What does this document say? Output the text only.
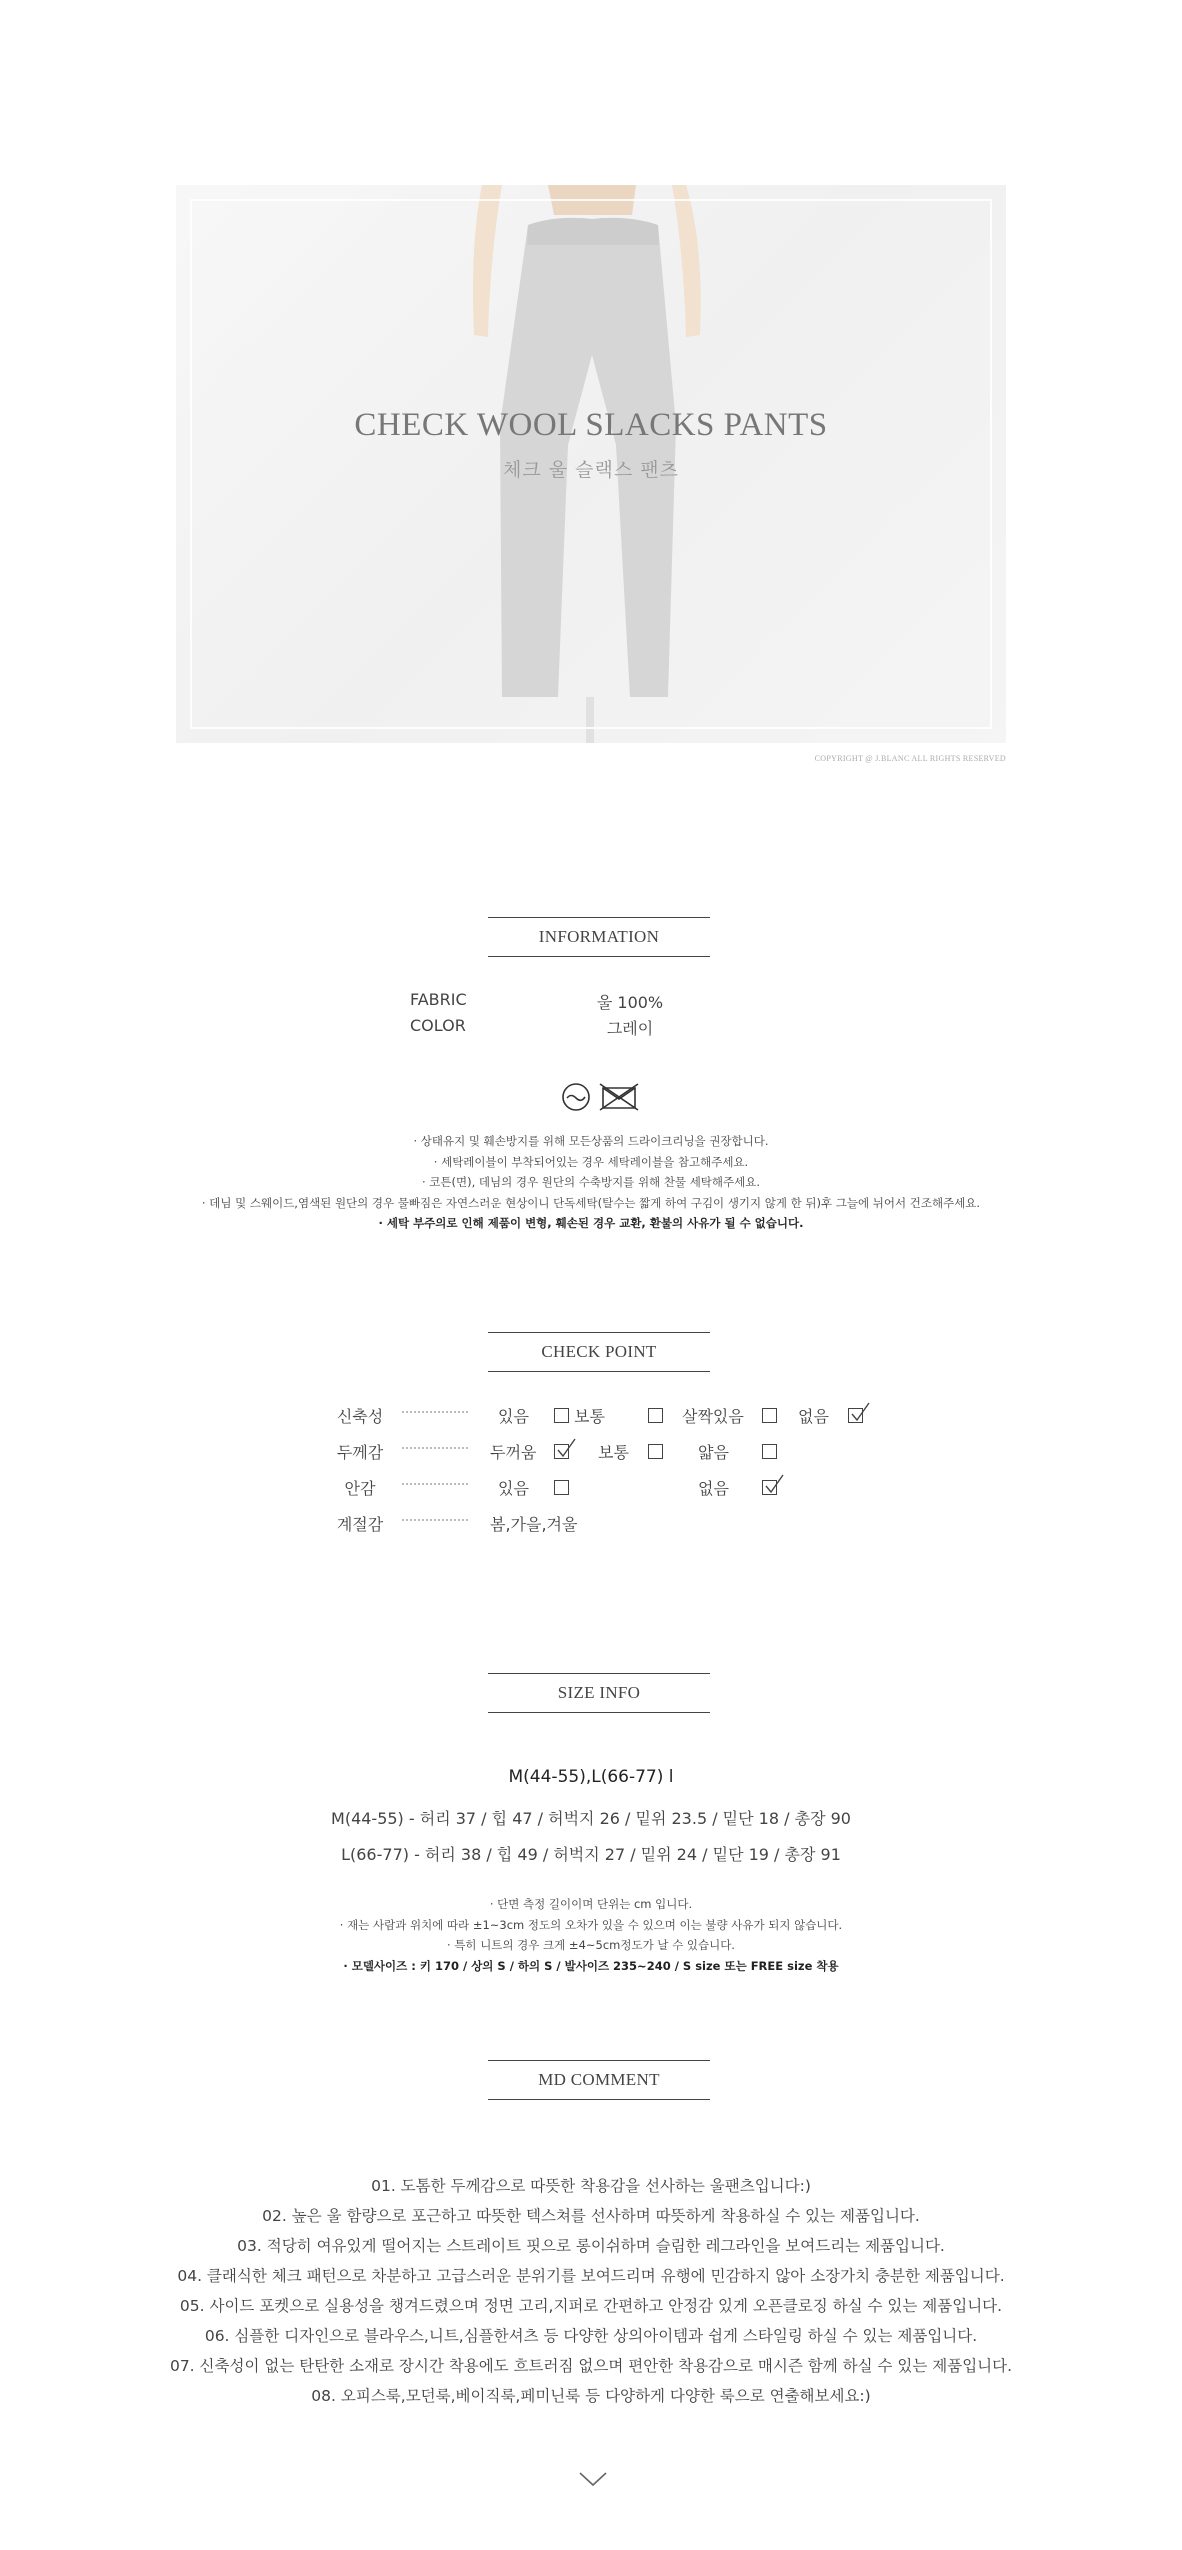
CHECK WOOL SLACKS PANTS
체크 울 슬랙스 팬츠
COPYRIGHT @ J.BLANC ALL RIGHTS RESERVED
INFORMATION
FABRIC	울 100%
COLOR	그레이
· 상태유지 및 훼손방지를 위해 모든상품의 드라이크리닝을 권장합니다.
· 세탁레이블이 부착되어있는 경우 세탁레이블을 참고해주세요.
· 코튼(면), 데님의 경우 원단의 수축방지를 위해 찬물 세탁해주세요.
· 데님 및 스웨이드,염색된 원단의 경우 물빠짐은 자연스러운 현상이니 단독세탁(탈수는 짧게 하여 구김이 생기지 않게 한 뒤)후 그늘에 뉘어서 건조해주세요.
· 세탁 부주의로 인해 제품이 변형, 훼손된 경우 교환, 환불의 사유가 될 수 없습니다.
CHECK POINT
신축성	있음	보통	살짝있음	없음
두께감	두꺼움	보통	얇음
안감	있음	없음
계절감	봄,가을,겨울
SIZE INFO
M(44-55),L(66-77) l
M(44-55) - 허리 37 / 힙 47 / 허벅지 26 / 밑위 23.5 / 밑단 18 / 총장 90
L(66-77) - 허리 38 / 힙 49 / 허벅지 27 / 밑위 24 / 밑단 19 / 총장 91
· 단면 측정 길이이며 단위는 cm 입니다.
· 재는 사람과 위치에 따라 ±1~3cm 정도의 오차가 있을 수 있으며 이는 불량 사유가 되지 않습니다.
· 특히 니트의 경우 크게 ±4~5cm정도가 날 수 있습니다.
· 모델사이즈 : 키 170 / 상의 S / 하의 S / 발사이즈 235~240 / S size 또는 FREE size 착용
MD COMMENT
01. 도톰한 두께감으로 따뜻한 착용감을 선사하는 울팬츠입니다:)
02. 높은 울 함량으로 포근하고 따뜻한 텍스쳐를 선사하며 따뜻하게 착용하실 수 있는 제품입니다.
03. 적당히 여유있게 떨어지는 스트레이트 핏으로 롱이쉬하며 슬림한 레그라인을 보여드리는 제품입니다.
04. 클래식한 체크 패턴으로 차분하고 고급스러운 분위기를 보여드리며 유행에 민감하지 않아 소장가치 충분한 제품입니다.
05. 사이드 포켓으로 실용성을 챙겨드렸으며 정면 고리,지퍼로 간편하고 안정감 있게 오픈클로징 하실 수 있는 제품입니다.
06. 심플한 디자인으로 블라우스,니트,심플한셔츠 등 다양한 상의아이템과 쉽게 스타일링 하실 수 있는 제품입니다.
07. 신축성이 없는 탄탄한 소재로 장시간 착용에도 흐트러짐 없으며 편안한 착용감으로 매시즌 함께 하실 수 있는 제품입니다.
08. 오피스룩,모던룩,베이직룩,페미닌룩 등 다양하게 다양한 룩으로 연출해보세요:)
